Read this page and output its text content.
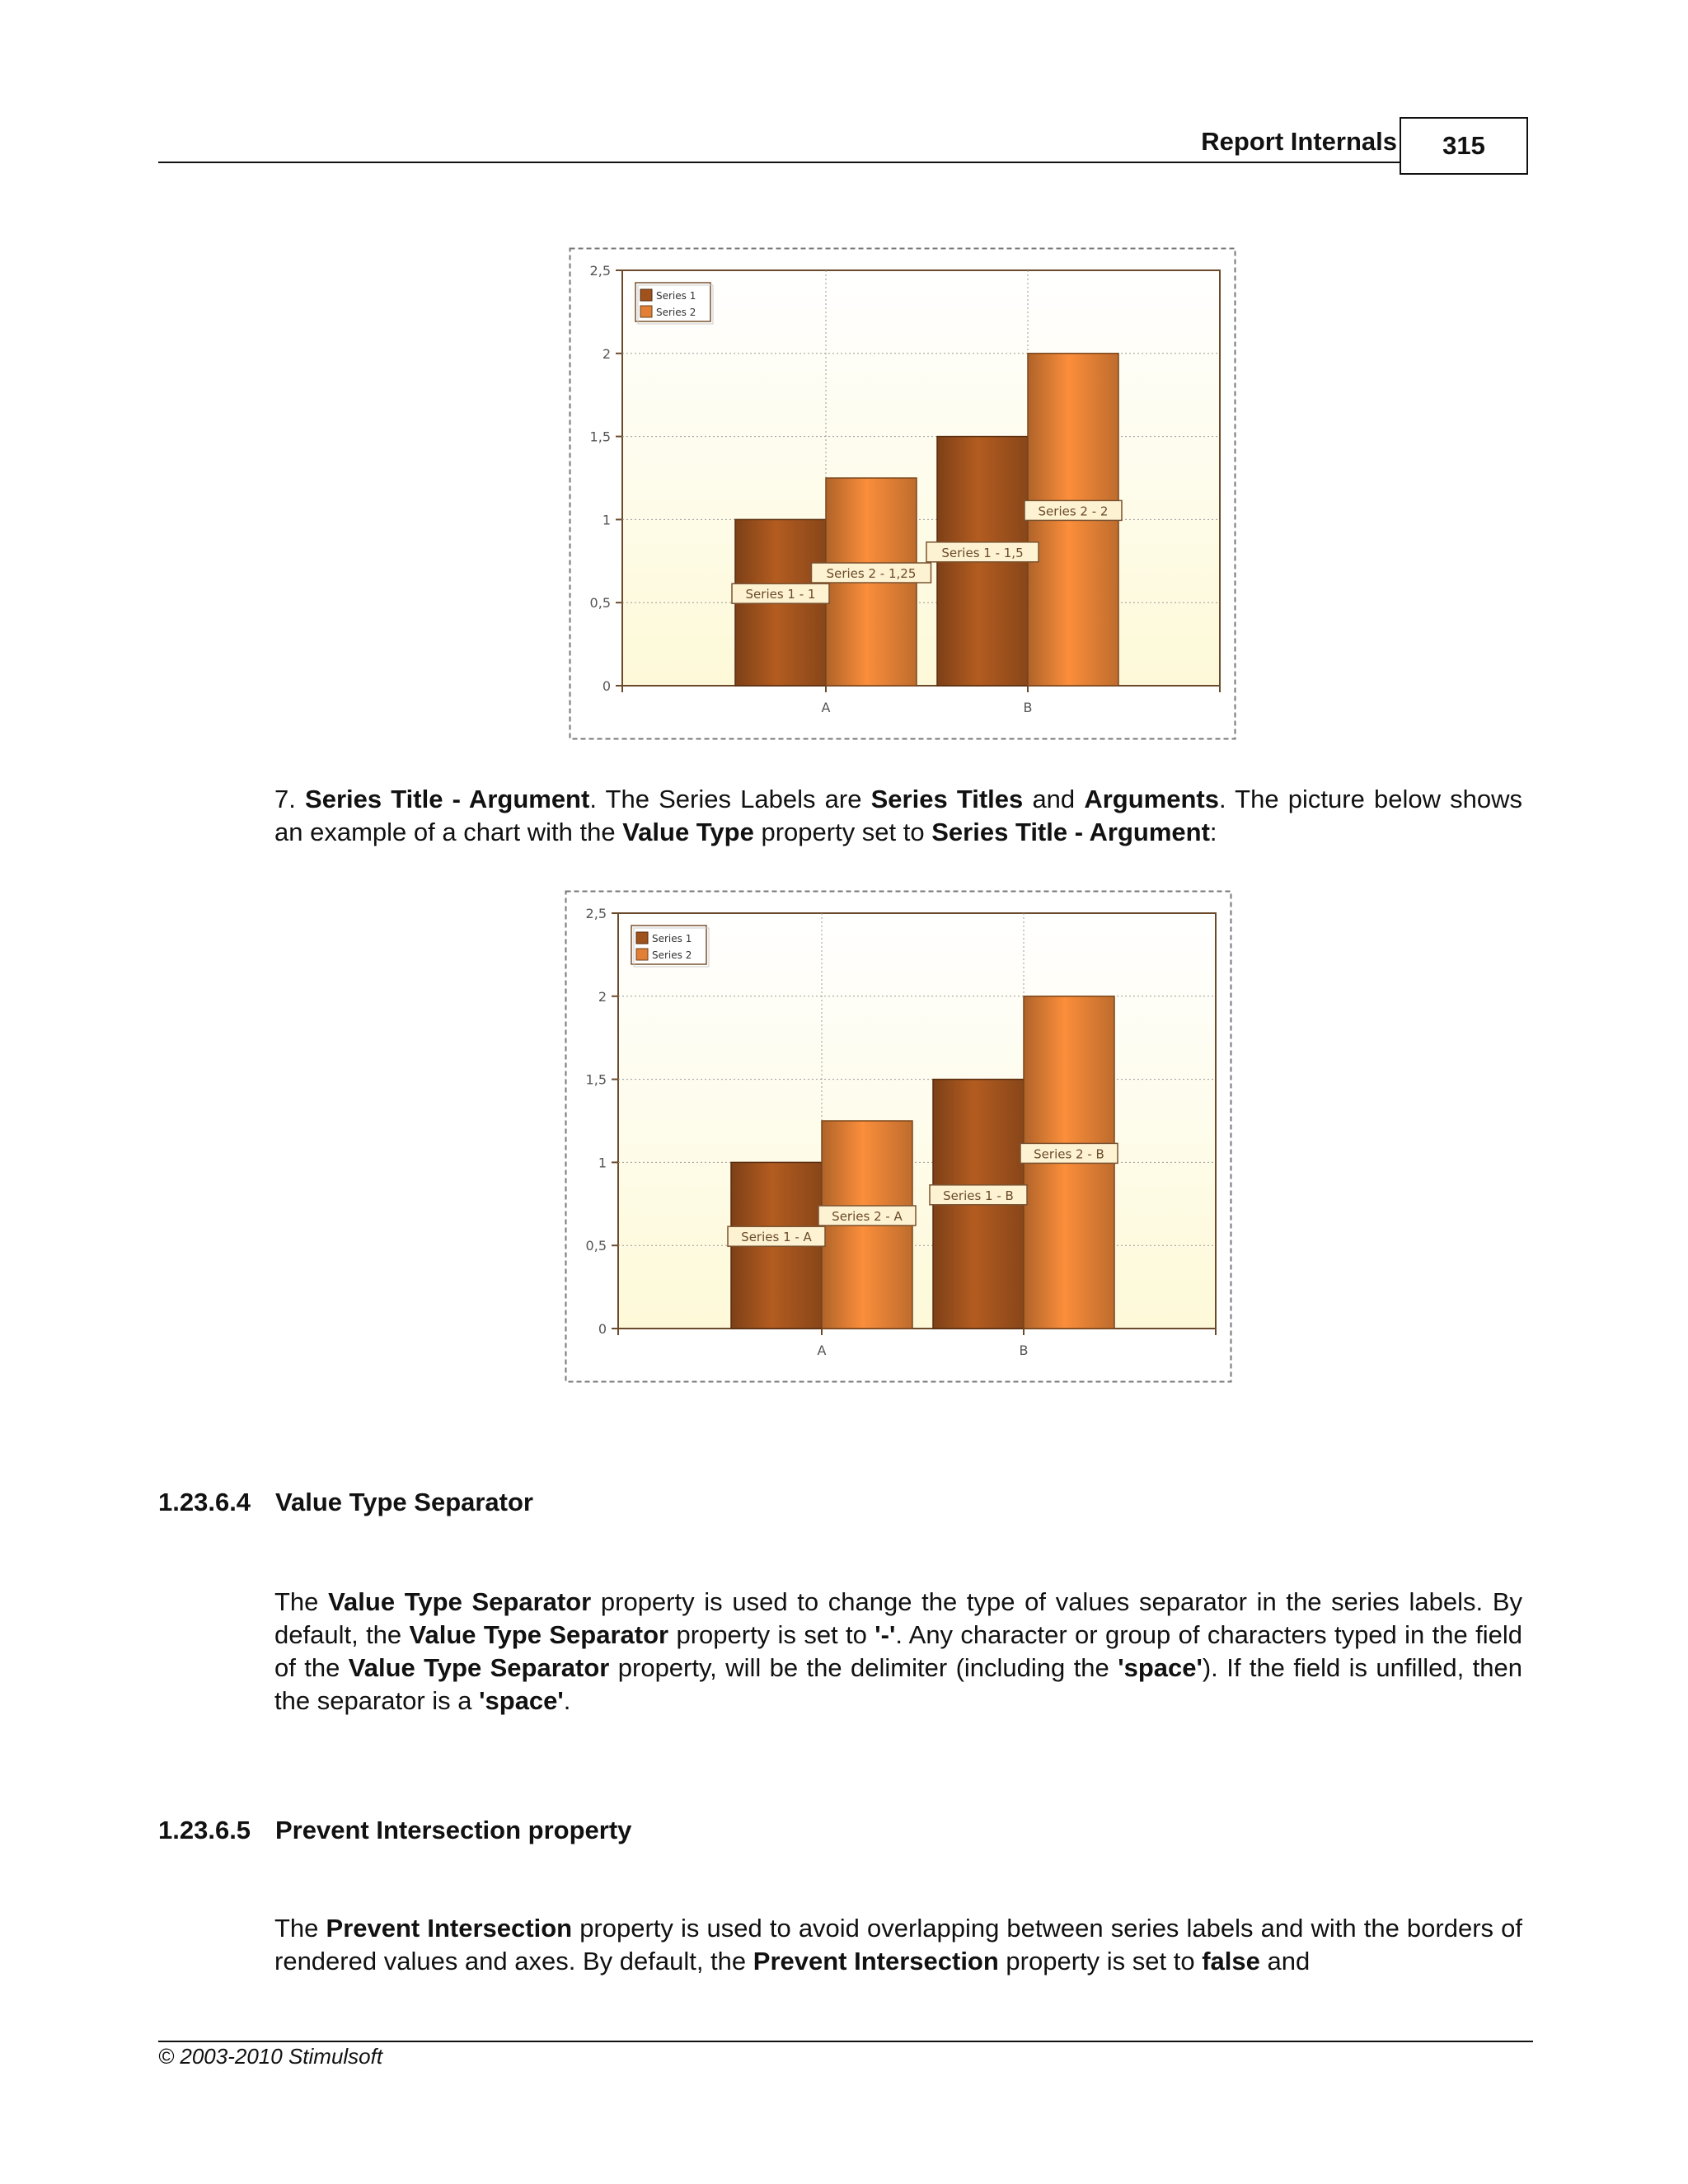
Report Internals	315
0
0,5
1
1,5
2
2,5
A	B
Series 1 - 1
Series 1 - 1,5
Series 2 - 1,25
Series 2 - 2
Series 1
Series 2

7. Series Title - Argument. The Series Labels are Series Titles and Arguments. The picture below shows an example of a chart with the Value Type property set to Series Title - Argument:

0
0,5
1
1,5
2
2,5
A	B
Series 1 - A
Series 1 - B
Series 2 - A
Series 2 - B
Series 1
Series 2
1.23.6.4 Value Type Separator

The Value Type Separator property is used to change the type of values separator in the series labels. By default, the Value Type Separator property is set to '-'. Any character or group of characters typed in the field of the Value Type Separator property, will be the delimiter (including the 'space'). If the field is unfilled, then the separator is a 'space'.

1.23.6.5 Prevent Intersection property

The Prevent Intersection property is used to avoid overlapping between series labels and with the borders of rendered values and axes. By default, the Prevent Intersection property is set to false and

© 2003-2010 Stimulsoft
